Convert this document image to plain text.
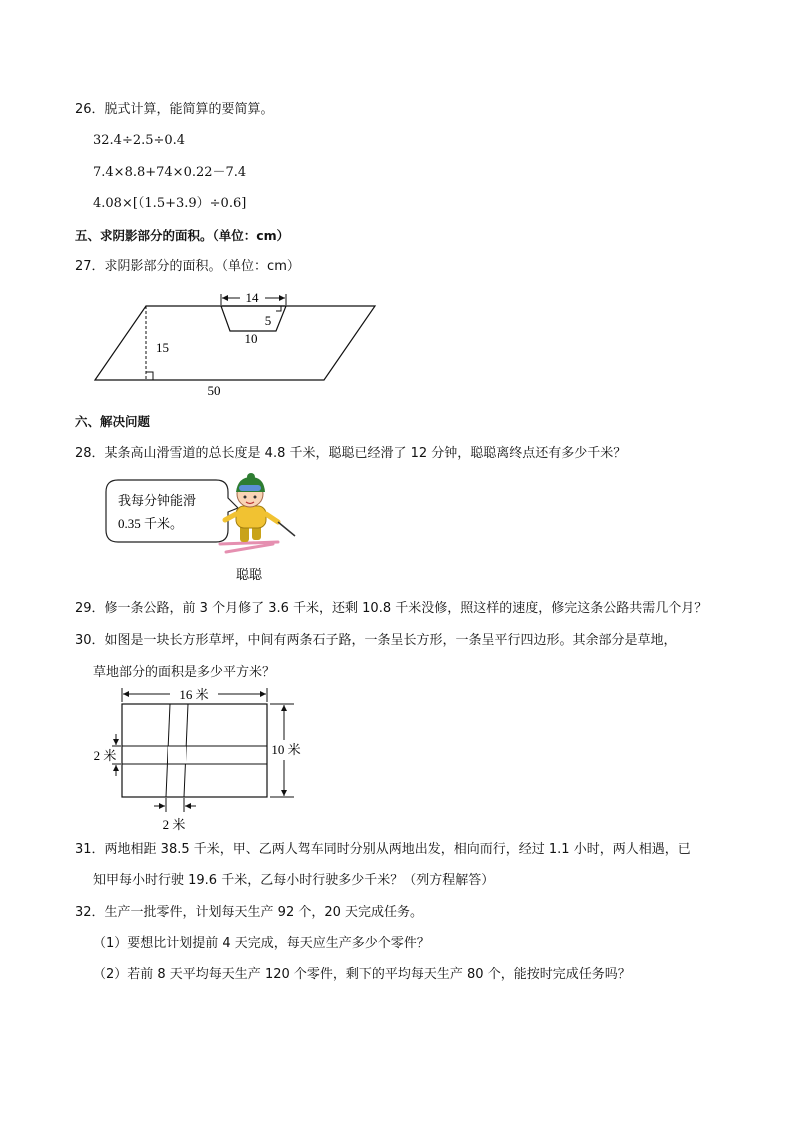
26．脱式计算，能简算的要简算。
32.4÷2.5÷0.4
7.4×8.8+74×0.22－7.4
4.08×[（1.5+3.9）÷0.6]
五、求阴影部分的面积。（单位：cm）
27．求阴影部分的面积。（单位：cm）
14
5
10
15
50
六、解决问题
28．某条高山滑雪道的总长度是 4.8 千米，聪聪已经滑了 12 分钟，聪聪离终点还有多少千米？
我每分钟能滑
0.35 千米。
聪聪
29．修一条公路，前 3 个月修了 3.6 千米，还剩 10.8 千米没修，照这样的速度，修完这条公路共需几个月？
30．如图是一块长方形草坪，中间有两条石子路，一条呈长方形，一条呈平行四边形。其余部分是草地，
草地部分的面积是多少平方米？
16 米
10 米
2 米
2 米
31．两地相距 38.5 千米，甲、乙两人驾车同时分别从两地出发，相向而行，经过 1.1 小时，两人相遇，已
知甲每小时行驶 19.6 千米，乙每小时行驶多少千米？（列方程解答）
32．生产一批零件，计划每天生产 92 个，20 天完成任务。
（1）要想比计划提前 4 天完成，每天应生产多少个零件？
（2）若前 8 天平均每天生产 120 个零件，剩下的平均每天生产 80 个，能按时完成任务吗？
